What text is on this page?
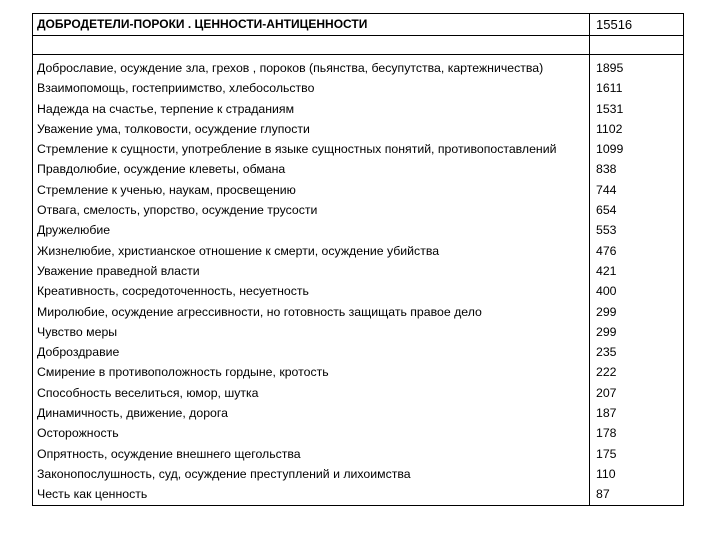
ДОБРОДЕТЕЛИ-ПОРОКИ . ЦЕННОСТИ-АНТИЦЕННОСТИ	15516

Доброславие, осуждение зла, грехов , пороков (пьянства, бесупутства, картежничества)	1895
Взаимопомощь, гостеприимство, хлебосольство	1611
Надежда на счастье, терпение к страданиям	1531
Уважение ума, толковости, осуждение глупости	1102
Стремление к сущности, употребление в языке сущностных понятий, противопоставлений	1099
Правдолюбие, осуждение клеветы, обмана	838
Стремление к ученью, наукам, просвещению	744
Отвага, смелость, упорство, осуждение трусости	654
Дружелюбие	553
Жизнелюбие, христианское отношение к смерти, осуждение убийства	476
Уважение праведной власти	421
Креативность, сосредоточенность, несуетность	400
Миролюбие, осуждение агрессивности, но готовность защищать правое дело	299
Чувство меры	299
Доброздравие	235
Смирение в противоположность гордыне, кротость	222
Способность веселиться, юмор, шутка	207
Динамичность, движение, дорога	187
Осторожность	178
Опрятность, осуждение внешнего щегольства	175
Законопослушность, суд, осуждение преступлений и лихоимства	110
Честь как ценность	87
